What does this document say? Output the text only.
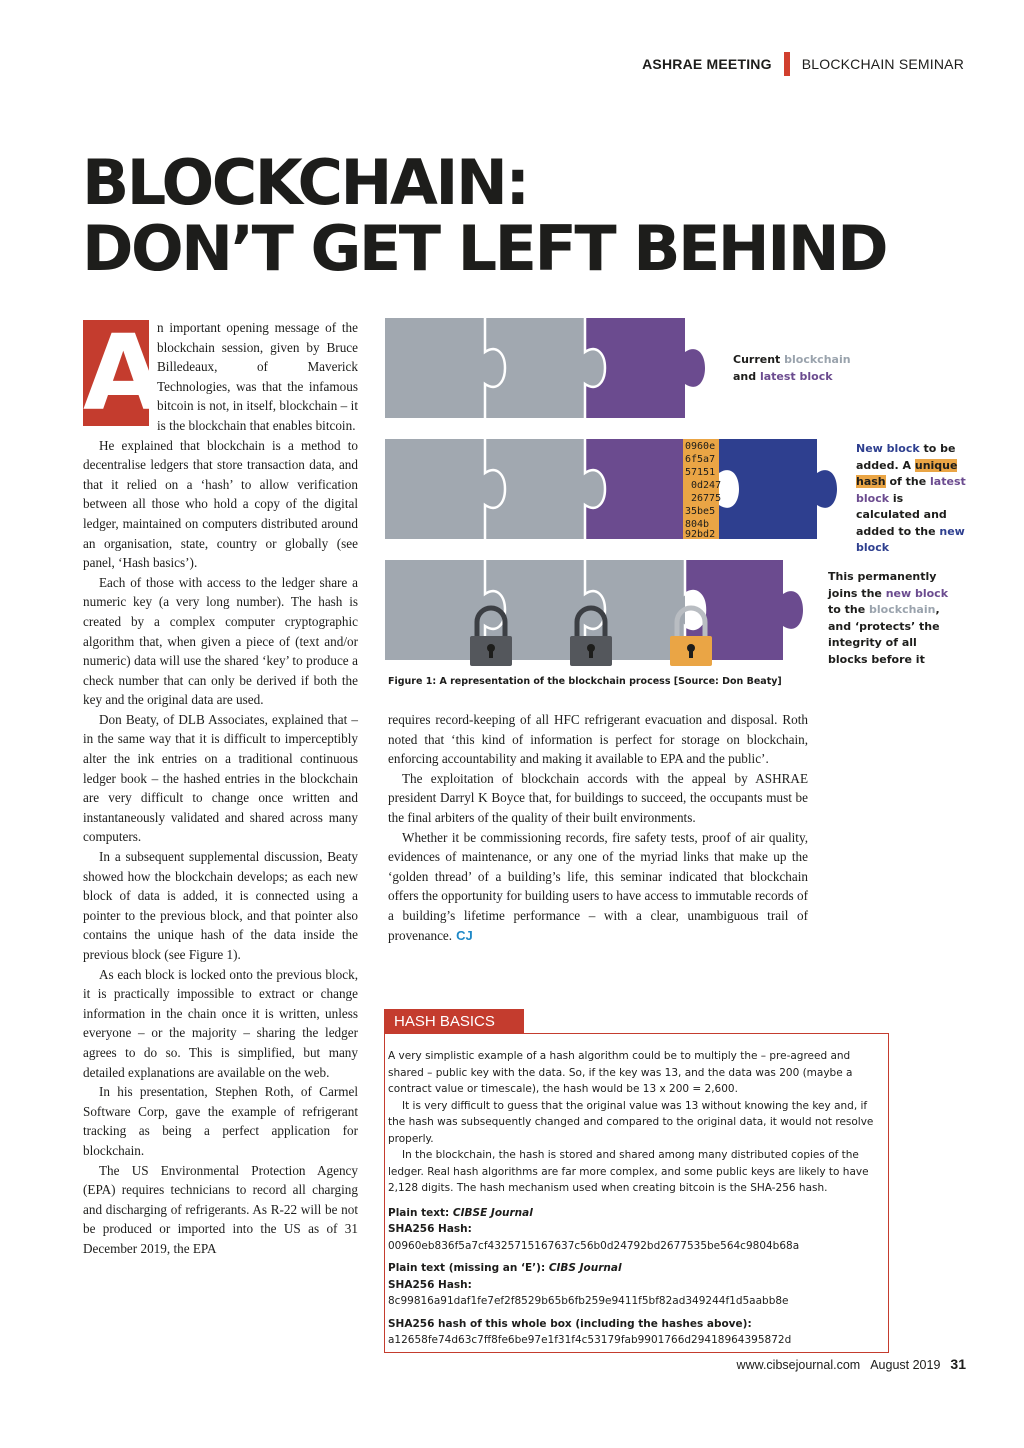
ASHRAE MEETING BLOCKCHAIN SEMINAR
BLOCKCHAIN:
DON’T GET LEFT BEHIND
A

n important opening message of the blockchain session, given by Bruce Billedeaux, of Maverick Technologies, was that the infamous bitcoin is not, in itself, blockchain – it is the blockchain that enables bitcoin.

He explained that blockchain is a method to decentralise ledgers that store transaction data, and that it relied on a ‘hash’ to allow verification between all those who hold a copy of the digital ledger, maintained on computers distributed around an organisation, state, country or globally (see panel, ‘Hash basics’).

Each of those with access to the ledger share a numeric key (a very long number). The hash is created by a complex computer cryptographic algorithm that, when given a piece of (text and/or numeric) data will use the shared ‘key’ to produce a check number that can only be derived if both the key and the original data are used.

Don Beaty, of DLB Associates, explained that – in the same way that it is difficult to imperceptibly alter the ink entries on a traditional continuous ledger book – the hashed entries in the blockchain are very difficult to change once written and instantaneously validated and shared across many computers.

In a subsequent supplemental discussion, Beaty showed how the blockchain develops; as each new block of data is added, it is connected using a pointer to the previous block, and that pointer also contains the unique hash of the data inside the previous block (see Figure 1).

As each block is locked onto the previous block, it is practically impossible to extract or change information in the chain once it is written, unless everyone – or the majority – sharing the ledger agrees to do so. This is simplified, but many detailed explanations are available on the web.

In his presentation, Stephen Roth, of Carmel Software Corp, gave the example of refrigerant tracking as being a perfect application for blockchain.

The US Environmental Protection Agency (EPA) requires technicians to record all charging and discharging of refrigerants. As R-22 will be not be produced or imported into the US as of 31 December 2019, the EPA

0960e
6f5a7
57151
0d247
26775
35be5
804b
92bd2
Current blockchain
and latest block
New block to be added. A unique hash of the latest block is calculated and added to the new block
This permanently joins the new block to the blockchain, and ‘protects’ the integrity of all blocks before it
Figure 1: A representation of the blockchain process [Source: Don Beaty]

requires record-keeping of all HFC refrigerant evacuation and disposal. Roth noted that ‘this kind of information is perfect for storage on blockchain, enforcing accountability and making it available to EPA and the public’.

The exploitation of blockchain accords with the appeal by ASHRAE president Darryl K Boyce that, for buildings to succeed, the occupants must be the final arbiters of the quality of their built environments.

Whether it be commissioning records, fire safety tests, proof of air quality, evidences of maintenance, or any one of the myriad links that make up the ‘golden thread’ of a building’s life, this seminar indicated that blockchain offers the opportunity for building users to have access to immutable records of a building’s lifetime performance – with a clear, unambiguous trail of provenance. CJ

HASH BASICS

A very simplistic example of a hash algorithm could be to multiply the – pre-agreed and shared – public key with the data. So, if the key was 13, and the data was 200 (maybe a contract value or timescale), the hash would be 13 x 200 = 2,600.

It is very difficult to guess that the original value was 13 without knowing the key and, if the hash was subsequently changed and compared to the original data, it would not resolve properly.

In the blockchain, the hash is stored and shared among many distributed copies of the ledger. Real hash algorithms are far more complex, and some public keys are likely to have 2,128 digits. The hash mechanism used when creating bitcoin is the SHA-256 hash.

Plain text: CIBSE Journal
SHA256 Hash:
00960eb836f5a7cf4325715167637c56b0d24792bd2677535be564c9804b68a
Plain text (missing an ‘E’): CIBS Journal
SHA256 Hash:
8c99816a91daf1fe7ef2f8529b65b6fb259e9411f5bf82ad349244f1d5aabb8e
SHA256 hash of this whole box (including the hashes above):
a12658fe74d63c7ff8fe6be97e1f31f4c53179fab9901766d29418964395872d
www.cibsejournal.com August 2019 31
